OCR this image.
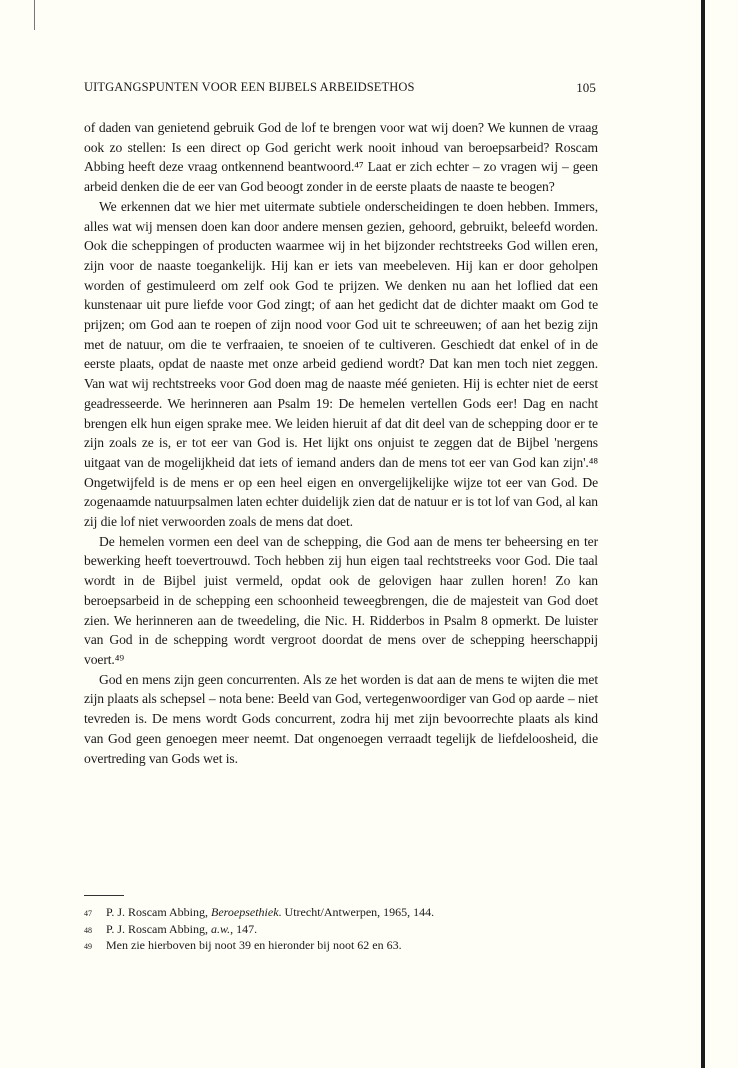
UITGANGSPUNTEN VOOR EEN BIJBELS ARBEIDSETHOS	105

of daden van genietend gebruik God de lof te brengen voor wat wij doen? We kunnen de vraag ook zo stellen: Is een direct op God gericht werk nooit inhoud van beroepsarbeid? Roscam Abbing heeft deze vraag ontkennend beantwoord.⁴⁷ Laat er zich echter – zo vragen wij – geen arbeid denken die de eer van God beoogt zonder in de eerste plaats de naaste te beogen?

We erkennen dat we hier met uitermate subtiele onderscheidingen te doen hebben. Immers, alles wat wij mensen doen kan door andere mensen gezien, gehoord, gebruikt, beleefd worden. Ook die scheppingen of producten waarmee wij in het bijzonder rechtstreeks God willen eren, zijn voor de naaste toegankelijk. Hij kan er iets van meebeleven. Hij kan er door geholpen worden of gestimuleerd om zelf ook God te prijzen. We denken nu aan het loflied dat een kunstenaar uit pure liefde voor God zingt; of aan het gedicht dat de dichter maakt om God te prijzen; om God aan te roepen of zijn nood voor God uit te schreeuwen; of aan het bezig zijn met de natuur, om die te verfraaien, te snoeien of te cultiveren. Geschiedt dat enkel of in de eerste plaats, opdat de naaste met onze arbeid gediend wordt? Dat kan men toch niet zeggen. Van wat wij rechtstreeks voor God doen mag de naaste méé genieten. Hij is echter niet de eerst geadresseerde. We herinneren aan Psalm 19: De hemelen vertellen Gods eer! Dag en nacht brengen elk hun eigen sprake mee. We leiden hieruit af dat dit deel van de schepping door er te zijn zoals ze is, er tot eer van God is. Het lijkt ons onjuist te zeggen dat de Bijbel 'nergens uitgaat van de mogelijkheid dat iets of iemand anders dan de mens tot eer van God kan zijn'.⁴⁸ Ongetwijfeld is de mens er op een heel eigen en onvergelijkelijke wijze tot eer van God. De zogenaamde natuurpsalmen laten echter duidelijk zien dat de natuur er is tot lof van God, al kan zij die lof niet verwoorden zoals de mens dat doet.

De hemelen vormen een deel van de schepping, die God aan de mens ter beheersing en ter bewerking heeft toevertrouwd. Toch hebben zij hun eigen taal rechtstreeks voor God. Die taal wordt in de Bijbel juist vermeld, opdat ook de gelovigen haar zullen horen! Zo kan beroepsarbeid in de schepping een schoonheid teweegbrengen, die de majesteit van God doet zien. We herinneren aan de tweedeling, die Nic. H. Ridderbos in Psalm 8 opmerkt. De luister van God in de schepping wordt vergroot doordat de mens over de schepping heerschappij voert.⁴⁹

God en mens zijn geen concurrenten. Als ze het worden is dat aan de mens te wijten die met zijn plaats als schepsel – nota bene: Beeld van God, vertegenwoordiger van God op aarde – niet tevreden is. De mens wordt Gods concurrent, zodra hij met zijn bevoorrechte plaats als kind van God geen genoegen meer neemt. Dat ongenoegen verraadt tegelijk de liefdeloosheid, die overtreding van Gods wet is.

47	P. J. Roscam Abbing, Beroepsethiek. Utrecht/Antwerpen, 1965, 144.
48	P. J. Roscam Abbing, a.w., 147.
49	Men zie hierboven bij noot 39 en hieronder bij noot 62 en 63.
